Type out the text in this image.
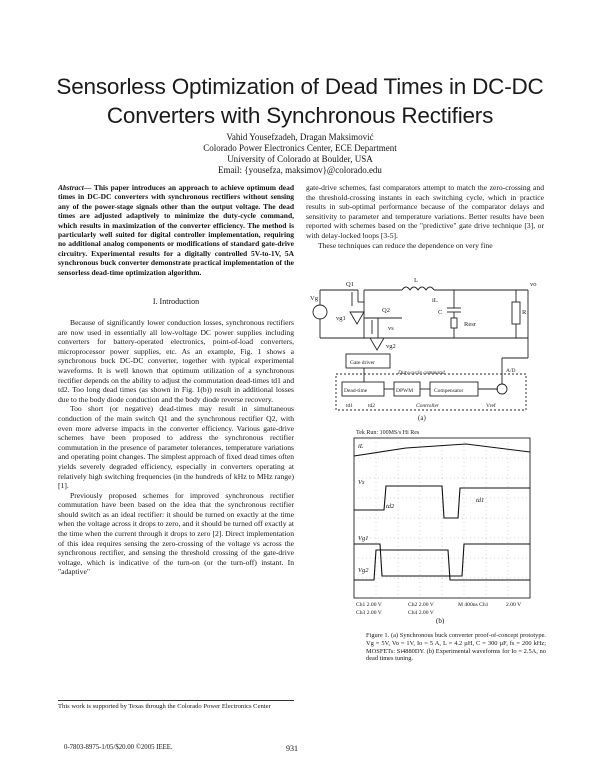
Sensorless Optimization of Dead Times in DC-DC
Converters with Synchronous Rectifiers
Vahid Yousefzadeh, Dragan Maksimović
Colorado Power Electronics Center, ECE Department
University of Colorado at Boulder, USA
Email: {yousefza, maksimov}@colorado.edu
Abstract— This paper introduces an approach to achieve optimum dead times in DC-DC converters with synchronous rectifiers without sensing any of the power-stage signals other than the output voltage. The dead times are adjusted adaptively to minimize the duty-cycle command, which results in maximization of the converter efficiency. The method is particularly well suited for digital controller implementation, requiring no additional analog components or modifications of standard gate-drive circuitry. Experimental results for a digitally controlled 5V-to-1V, 5A synchronous buck converter demonstrate practical implementation of the sensorless dead-time optimization algorithm.
I. Introduction

Because of significantly lower conduction losses, synchronous rectifiers are now used in essentially all low-voltage DC power supplies including converters for battery-operated electronics, point-of-load converters, microprocessor power supplies, etc. As an example, Fig. 1 shows a synchronous buck DC-DC converter, together with typical experimental waveforms. It is well known that optimum utilization of a synchronous rectifier depends on the ability to adjust the commutation dead-times td1 and td2. Too long dead times (as shown in Fig. 1(b)) result in additional losses due to the body diode conduction and the body diode reverse recovery.

Too short (or negative) dead-times may result in simultaneous conduction of the main switch Q1 and the synchronous rectifier Q2, with even more adverse impacts in the converter efficiency. Various gate-drive schemes have been proposed to address the synchronous rectifier commutation in the presence of parameter tolerances, temperature variations and operating point changes. The simplest approach of fixed dead times often yields severely degraded efficiency, especially in converters operating at relatively high switching frequencies (in the hundreds of kHz to MHz range) [1].

Previously proposed schemes for improved synchronous rectifier commutation have been based on the idea that the synchronous rectifier should switch as an ideal rectifier: it should be turned on exactly at the time when the voltage across it drops to zero, and it should be turned off exactly at the time when the current through it drops to zero [2]. Direct implementation of this idea requires sensing the zero-crossing of the voltage vs across the synchronous rectifier, and sensing the threshold crossing of the gate-drive voltage, which is indicative of the turn-on (or the turn-off) instant. In "adaptive"

gate-drive schemes, fast comparators attempt to match the zero-crossing and the threshold-crossing instants in each switching cycle, which in practice results in sub-optimal performance because of the comparator delays and sensitivity to parameter and temperature variations. Better results have been reported with schemes based on the "predictive" gate drive technique [3], or with delay-locked loops [3-5].

These techniques can reduce the dependence on very fine

Vg
Q1
Q2
L
iL
C
Resr
R
vs
vo
vg1
vg2
Gate driver
Duty-cycle command
Dead-time	DPWM	Compensator
Controller
td1	td2	Vref
A/D
(a)
Tek Run: 100MS/s Hi Res
iL
Vs
td2
td1
Vg1
Vg2
Ch1 2.00 V	Ch2 2.00 V	M 400ns Ch1
Ch3 2.00 V	Ch4 2.00 V
2.00 V
(b)
Figure 1. (a) Synchronous buck converter proof-of-concept prototype. Vg = 5V, Vo = 1V, Io = 5 A, L = 4.2 µH, C = 300 µF, fs = 200 kHz; MOSFETs: Si4880DY. (b) Experimental waveforms for Io = 2.5A, no dead times tuning.
This work is supported by Texas through the Colorado Power Electronics Center
0-7803-8975-1/05/$20.00 ©2005 IEEE.	931
